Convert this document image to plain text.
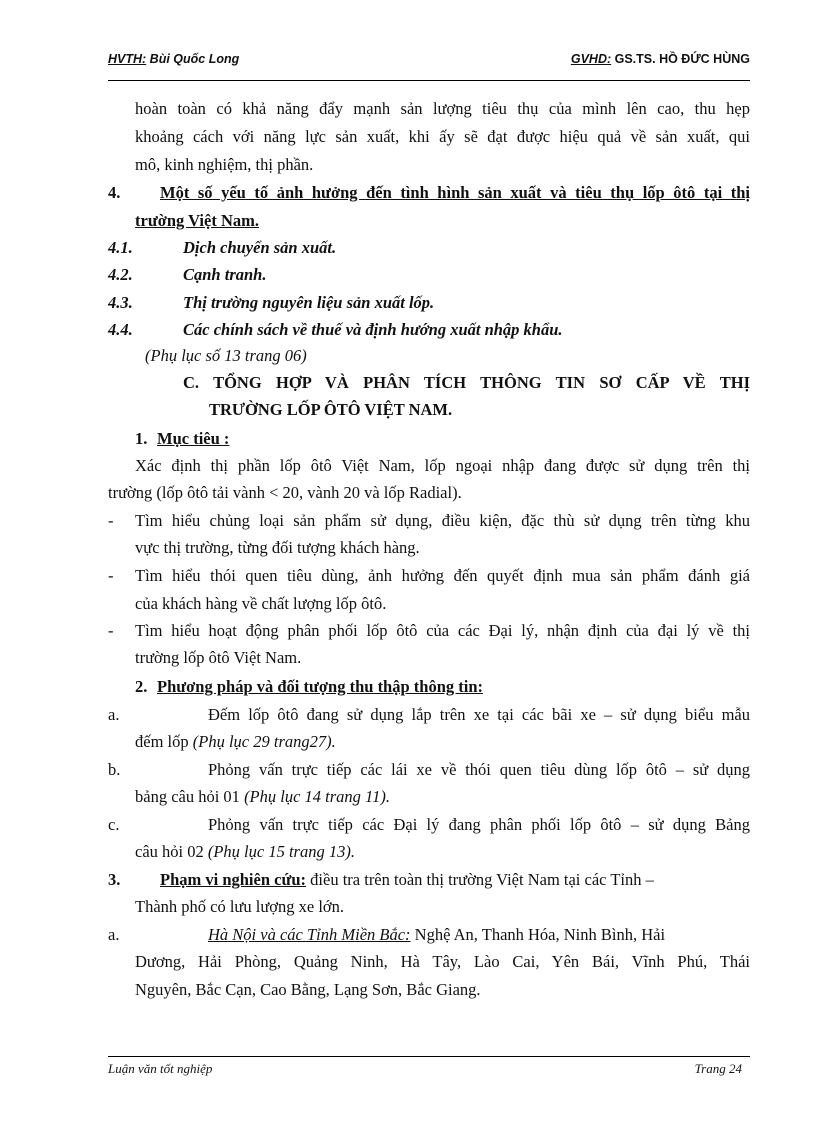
HVTH: Bùi Quốc Long	GVHD: GS.TS. HỒ ĐỨC HÙNG
hoàn toàn có khả năng đẩy mạnh sản lượng tiêu thụ của mình lên cao, thu hẹp
khoảng cách với năng lực sản xuất, khi ấy sẽ đạt được hiệu quả về sản xuất, qui
mô, kinh nghiệm, thị phần.
4. Một số yếu tố ảnh hưởng đến tình hình sản xuất và tiêu thụ lốp ôtô tại thị
trường Việt Nam.
4.1.	Dịch chuyển sản xuất.
4.2.	Cạnh tranh.
4.3.	Thị trường nguyên liệu sản xuất lốp.
4.4.	Các chính sách về thuế và định hướng xuất nhập khẩu.
(Phụ lục số 13 trang 06)
C. TỔNG HỢP VÀ PHÂN TÍCH THÔNG TIN SƠ CẤP VỀ THỊ
TRƯỜNG LỐP ÔTÔ VIỆT NAM.
1. Mục tiêu :
Xác định thị phần lốp ôtô Việt Nam, lốp ngoại nhập đang được sử dụng trên thị
trường (lốp ôtô tải vành < 20, vành 20 và lốp Radial).
- Tìm hiểu chủng loại sản phẩm sử dụng, điều kiện, đặc thù sử dụng trên từng khu
vực thị trường, từng đối tượng khách hàng.
- Tìm hiểu thói quen tiêu dùng, ảnh hưởng đến quyết định mua sản phẩm đánh giá
của khách hàng về chất lượng lốp ôtô.
- Tìm hiểu hoạt động phân phối lốp ôtô của các Đại lý, nhận định của đại lý về thị
trường lốp ôtô Việt Nam.
2. Phương pháp và đối tượng thu thập thông tin:
a.	Đếm lốp ôtô đang sử dụng lắp trên xe tại các bãi xe – sử dụng biểu mẫu
đếm lốp (Phụ lục 29 trang27).
b.	Phỏng vấn trực tiếp các lái xe về thói quen tiêu dùng lốp ôtô – sử dụng
bảng câu hỏi 01 (Phụ lục 14 trang 11).
c.	Phỏng vấn trực tiếp các Đại lý đang phân phối lốp ôtô – sử dụng Bảng
câu hỏi 02 (Phụ lục 15 trang 13).
3. Phạm vi nghiên cứu: điều tra trên toàn thị trường Việt Nam tại các Tỉnh –
Thành phố có lưu lượng xe lớn.
a.	Hà Nội và các Tỉnh Miền Bắc: Nghệ An, Thanh Hóa, Ninh Bình, Hải
Dương, Hải Phòng, Quảng Ninh, Hà Tây, Lào Cai, Yên Bái, Vĩnh Phú, Thái
Nguyên, Bắc Cạn, Cao Bằng, Lạng Sơn, Bắc Giang.
Luận văn tốt nghiệp	Trang 24
